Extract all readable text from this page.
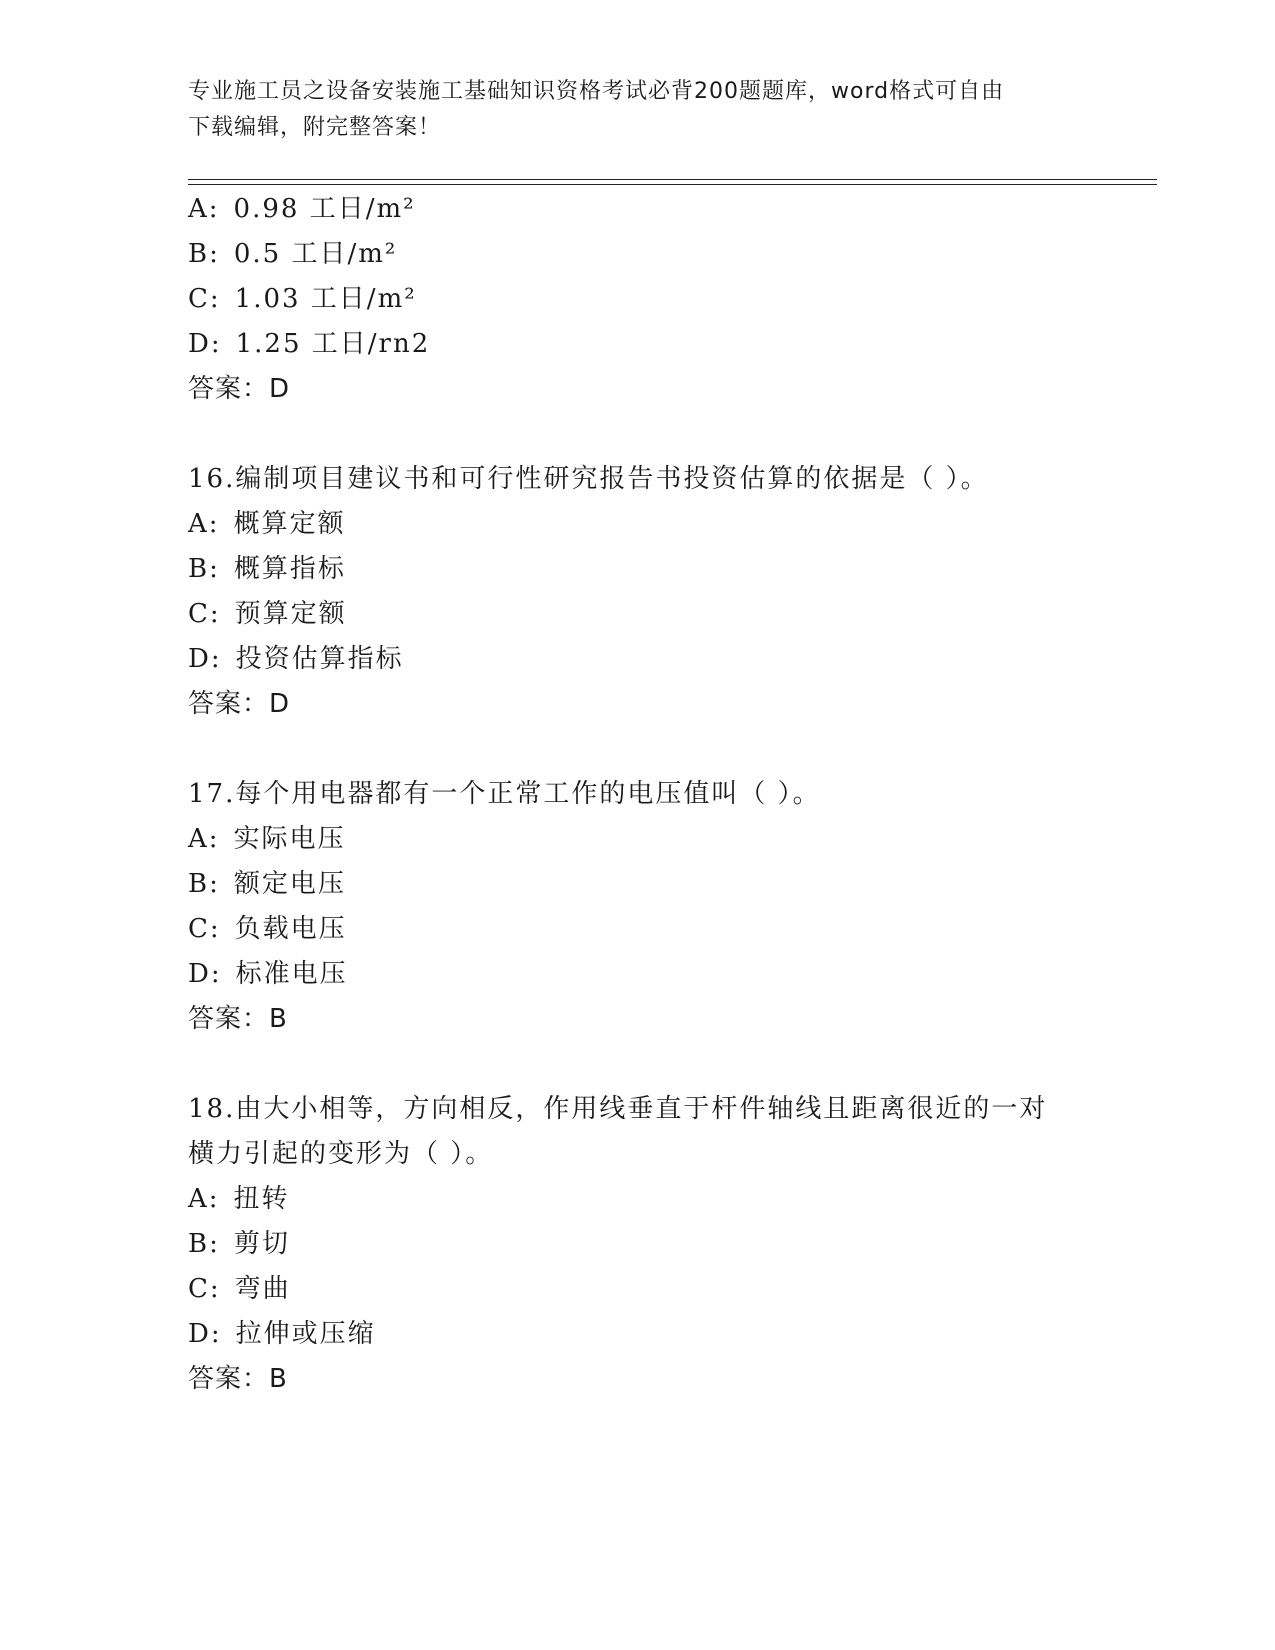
专业施工员之设备安装施工基础知识资格考试必背200题题库，word格式可自由
下载编辑，附完整答案！
A: 0.98 工日/m²
B: 0.5 工日/m²
C: 1.03 工日/m²
D: 1.25 工日/rn2
答案：D
16.编制项目建议书和可行性研究报告书投资估算的依据是（ ）。
A: 概算定额
B: 概算指标
C: 预算定额
D: 投资估算指标
答案：D
17.每个用电器都有一个正常工作的电压值叫（ ）。
A: 实际电压
B: 额定电压
C: 负载电压
D: 标准电压
答案：B
18.由大小相等，方向相反，作用线垂直于杆件轴线且距离很近的一对
横力引起的变形为（ ）。
A: 扭转
B: 剪切
C: 弯曲
D: 拉伸或压缩
答案：B
